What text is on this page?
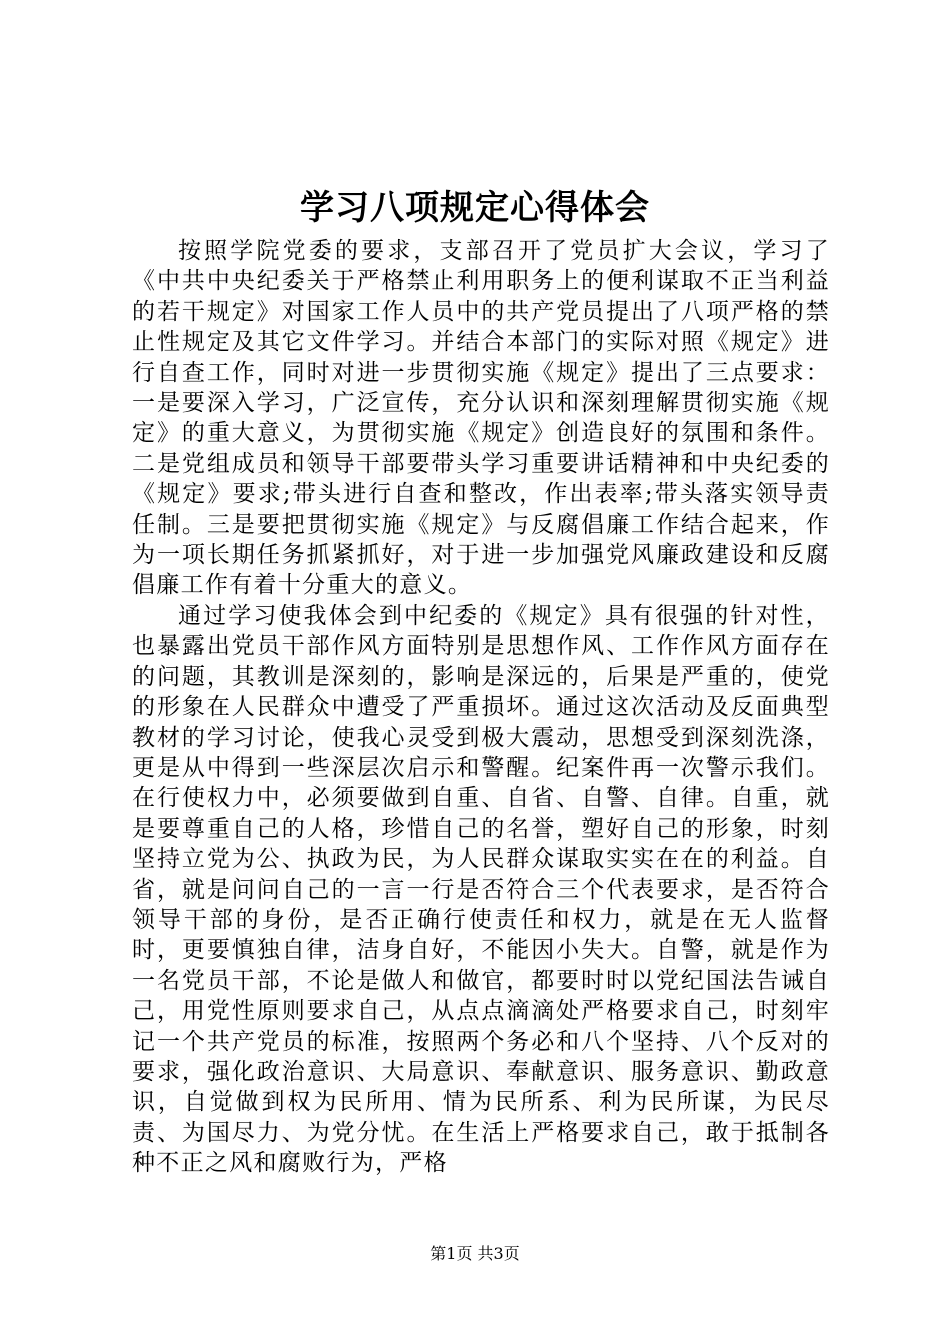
学习八项规定心得体会

按照学院党委的要求，支部召开了党员扩大会议，学习了《中共中央纪委关于严格禁止利用职务上的便利谋取不正当利益的若干规定》对国家工作人员中的共产党员提出了八项严格的禁止性规定及其它文件学习。并结合本部门的实际对照《规定》进行自查工作，同时对进一步贯彻实施《规定》提出了三点要求：一是要深入学习，广泛宣传，充分认识和深刻理解贯彻实施《规定》的重大意义，为贯彻实施《规定》创造良好的氛围和条件。二是党组成员和领导干部要带头学习重要讲话精神和中央纪委的《规定》要求;带头进行自查和整改，作出表率;带头落实领导责任制。三是要把贯彻实施《规定》与反腐倡廉工作结合起来，作为一项长期任务抓紧抓好，对于进一步加强党风廉政建设和反腐倡廉工作有着十分重大的意义。

通过学习使我体会到中纪委的《规定》具有很强的针对性，也暴露出党员干部作风方面特别是思想作风、工作作风方面存在的问题，其教训是深刻的，影响是深远的，后果是严重的，使党的形象在人民群众中遭受了严重损坏。通过这次活动及反面典型教材的学习讨论，使我心灵受到极大震动，思想受到深刻洗涤，更是从中得到一些深层次启示和警醒。纪案件再一次警示我们。在行使权力中，必须要做到自重、自省、自警、自律。自重，就是要尊重自己的人格，珍惜自己的名誉，塑好自己的形象，时刻坚持立党为公、执政为民，为人民群众谋取实实在在的利益。自省，就是问问自己的一言一行是否符合三个代表要求，是否符合领导干部的身份，是否正确行使责任和权力，就是在无人监督时，更要慎独自律，洁身自好，不能因小失大。自警，就是作为一名党员干部，不论是做人和做官，都要时时以党纪国法告诫自己，用党性原则要求自己，从点点滴滴处严格要求自己，时刻牢记一个共产党员的标准，按照两个务必和八个坚持、八个反对的要求，强化政治意识、大局意识、奉献意识、服务意识、勤政意识，自觉做到权为民所用、情为民所系、利为民所谋，为民尽责、为国尽力、为党分忧。在生活上严格要求自己，敢于抵制各种不正之风和腐败行为，严格

第1页 共3页
